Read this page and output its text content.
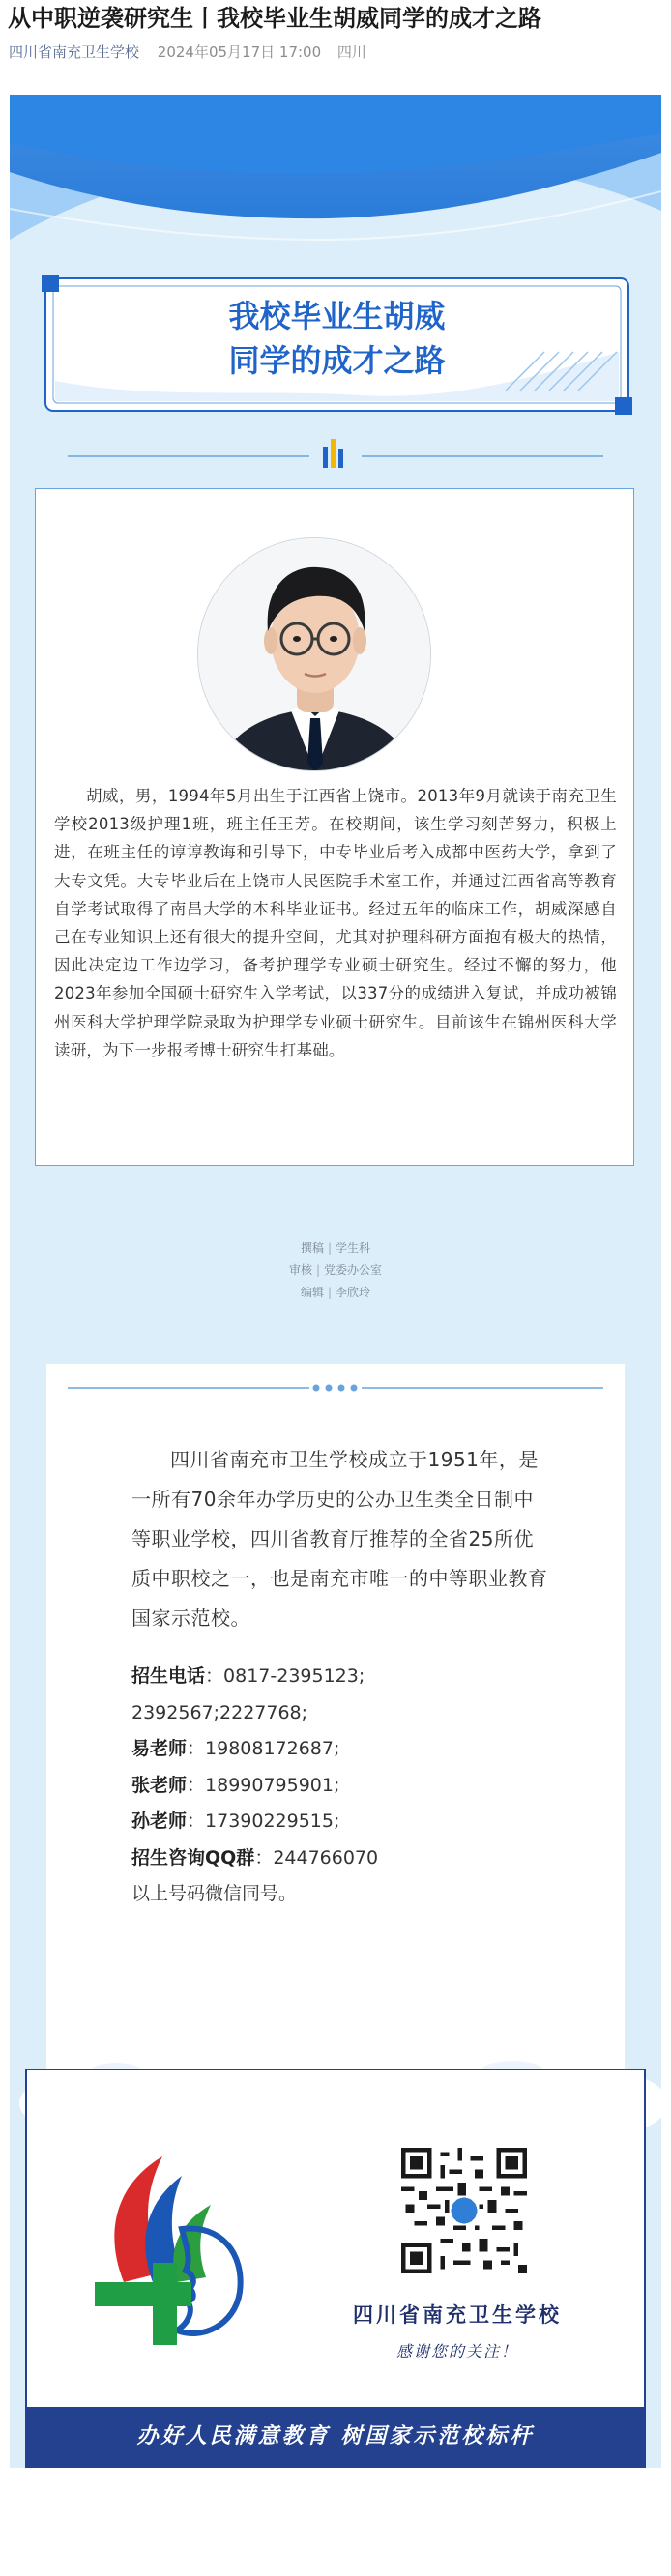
从中职逆袭研究生丨我校毕业生胡威同学的成才之路
四川省南充卫生学校 2024年05月17日 17:00 四川
我校毕业生胡威
同学的成才之路

胡威，男，1994年5月出生于江西省上饶市。2013年9月就读于南充卫生学校2013级护理1班，班主任王芳。在校期间，该生学习刻苦努力，积极上进，在班主任的谆谆教诲和引导下，中专毕业后考入成都中医药大学，拿到了大专文凭。大专毕业后在上饶市人民医院手术室工作，并通过江西省高等教育自学考试取得了南昌大学的本科毕业证书。经过五年的临床工作，胡威深感自己在专业知识上还有很大的提升空间，尤其对护理科研方面抱有极大的热情，因此决定边工作边学习，备考护理学专业硕士研究生。经过不懈的努力，他2023年参加全国硕士研究生入学考试，以337分的成绩进入复试，并成功被锦州医科大学护理学院录取为护理学专业硕士研究生。目前该生在锦州医科大学读研，为下一步报考博士研究生打基础。

撰稿 | 学生科
审核 | 党委办公室
编辑 | 李欣玲

四川省南充市卫生学校成立于1951年，是一所有70余年办学历史的公办卫生类全日制中等职业学校，四川省教育厅推荐的全省25所优质中职校之一，也是南充市唯一的中等职业教育国家示范校。

招生电话：0817-2395123;
2392567;2227768;
易老师：19808172687;
张老师：18990795901;
孙老师：17390229515;
招生咨询QQ群：244766070
以上号码微信同号。
四川省南充卫生学校
感谢您的关注！
办好人民满意教育 树国家示范校标杆
